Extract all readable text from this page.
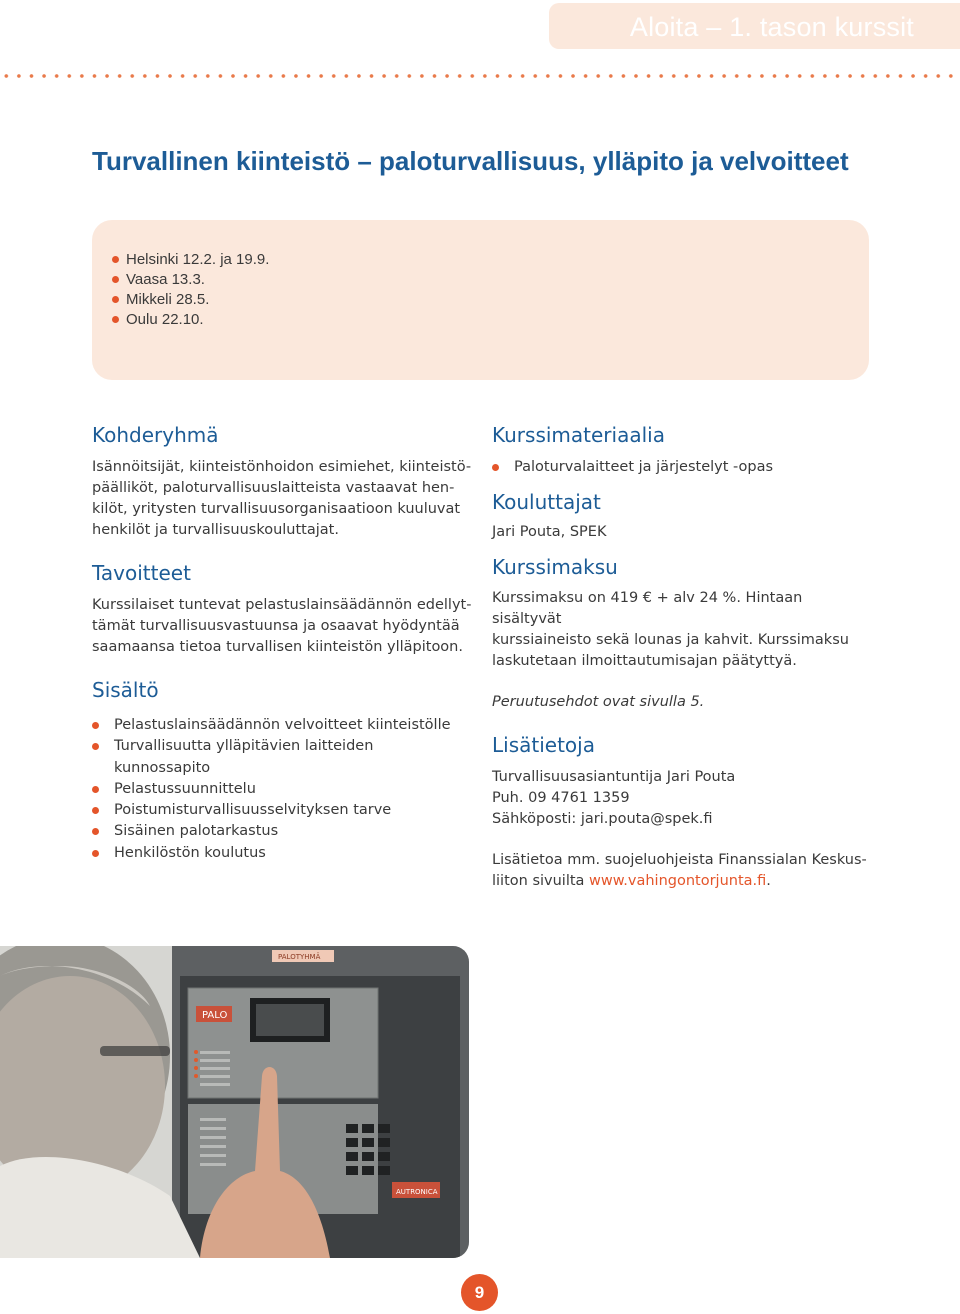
Aloita – 1. tason kurssit
Turvallinen kiinteistö – paloturvallisuus, ylläpito ja velvoitteet
Helsinki 12.2. ja 19.9.
Vaasa 13.3.
Mikkeli 28.5.
Oulu 22.10.
Kohderyhmä

Isännöitsijät, kiinteistönhoidon esimiehet, kiinteistö-
päälliköt, paloturvallisuuslaitteista vastaavat hen-
kilöt, yritysten turvallisuusorganisaatioon kuuluvat
henkilöt ja turvallisuuskouluttajat.

Tavoitteet

Kurssilaiset tuntevat pelastuslainsäädännön edellyt-
tämät turvallisuusvastuunsa ja osaavat hyödyntää
saamaansa tietoa turvallisen kiinteistön ylläpitoon.

Sisältö
Pelastuslainsäädännön velvoitteet kiinteistölle
Turvallisuutta ylläpitävien laitteiden kunnossapito
Pelastussuunnittelu
Poistumisturvallisuusselvityksen tarve
Sisäinen palotarkastus
Henkilöstön koulutus
Kurssimateriaalia
Paloturvalaitteet ja järjestelyt -opas
Kouluttajat

Jari Pouta, SPEK

Kurssimaksu

Kurssimaksu on 419 € + alv 24 %. Hintaan sisältyvät
kurssiaineisto sekä lounas ja kahvit. Kurssimaksu
laskutetaan ilmoittautumisajan päätyttyä.

Peruutusehdot ovat sivulla 5.

Lisätietoja

Turvallisuusasiantuntija Jari Pouta
Puh. 09 4761 1359
Sähköposti: jari.pouta@spek.fi

Lisätietoa mm. suojeluohjeista Finanssialan Keskus-
liiton sivuilta www.vahingontorjunta.fi.

PALOTYHMÄ
PALO
AUTRONICA
9
